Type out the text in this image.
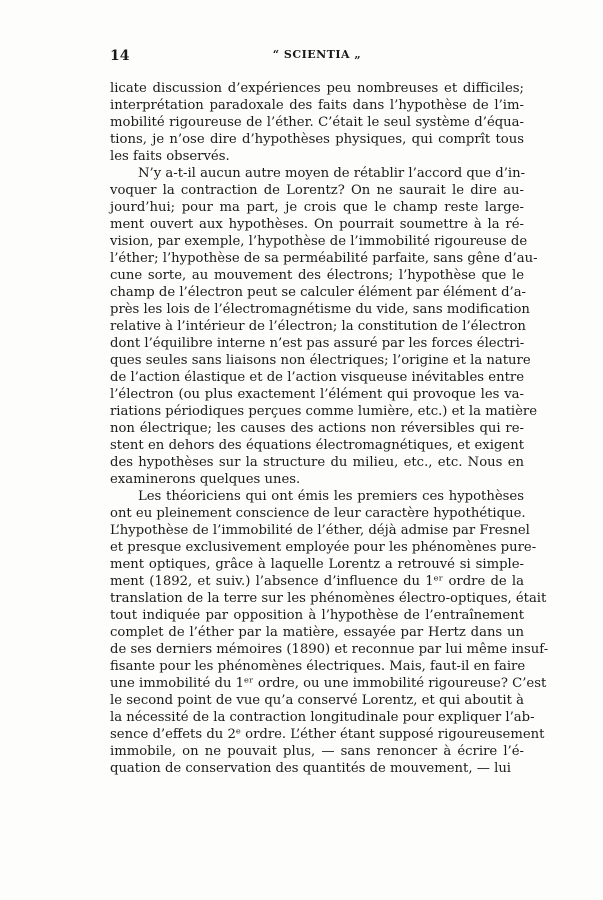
14	“ SCIENTIA „
licate discussion d’expériences peu nombreuses et difficiles;
interprétation paradoxale des faits dans l’hypothèse de l’im-
mobilité rigoureuse de l’éther. C’était le seul système d’équa-
tions, je n’ose dire d’hypothèses physiques, qui comprît tous
les faits observés.
N’y a-t-il aucun autre moyen de rétablir l’accord que d’in-
voquer la contraction de Lorentz? On ne saurait le dire au-
jourd’hui; pour ma part, je crois que le champ reste large-
ment ouvert aux hypothèses. On pourrait soumettre à la ré-
vision, par exemple, l’hypothèse de l’immobilité rigoureuse de
l’éther; l’hypothèse de sa perméabilité parfaite, sans gêne d’au-
cune sorte, au mouvement des électrons; l’hypothèse que le
champ de l’électron peut se calculer élément par élément d’a-
près les lois de l’électromagnétisme du vide, sans modification
relative à l’intérieur de l’électron; la constitution de l’électron
dont l’équilibre interne n’est pas assuré par les forces électri-
ques seules sans liaisons non électriques; l’origine et la nature
de l’action élastique et de l’action visqueuse inévitables entre
l’électron (ou plus exactement l’élément qui provoque les va-
riations périodiques perçues comme lumière, etc.) et la matière
non électrique; les causes des actions non réversibles qui re-
stent en dehors des équations électromagnétiques, et exigent
des hypothèses sur la structure du milieu, etc., etc. Nous en
examinerons quelques unes.
Les théoriciens qui ont émis les premiers ces hypothèses
ont eu pleinement conscience de leur caractère hypothétique.
L’hypothèse de l’immobilité de l’éther, déjà admise par Fresnel
et presque exclusivement employée pour les phénomènes pure-
ment optiques, grâce à laquelle Lorentz a retrouvé si simple-
ment (1892, et suiv.) l’absence d’influence du 1ᵉʳ ordre de la
translation de la terre sur les phénomènes électro-optiques, était
tout indiquée par opposition à l’hypothèse de l’entraînement
complet de l’éther par la matière, essayée par Hertz dans un
de ses derniers mémoires (1890) et reconnue par lui même insuf-
fisante pour les phénomènes électriques. Mais, faut-il en faire
une immobilité du 1ᵉʳ ordre, ou une immobilité rigoureuse? C’est
le second point de vue qu’a conservé Lorentz, et qui aboutit à
la nécessité de la contraction longitudinale pour expliquer l’ab-
sence d’effets du 2ᵉ ordre. L’éther étant supposé rigoureusement
immobile, on ne pouvait plus, — sans renoncer à écrire l’é-
quation de conservation des quantités de mouvement, — lui
